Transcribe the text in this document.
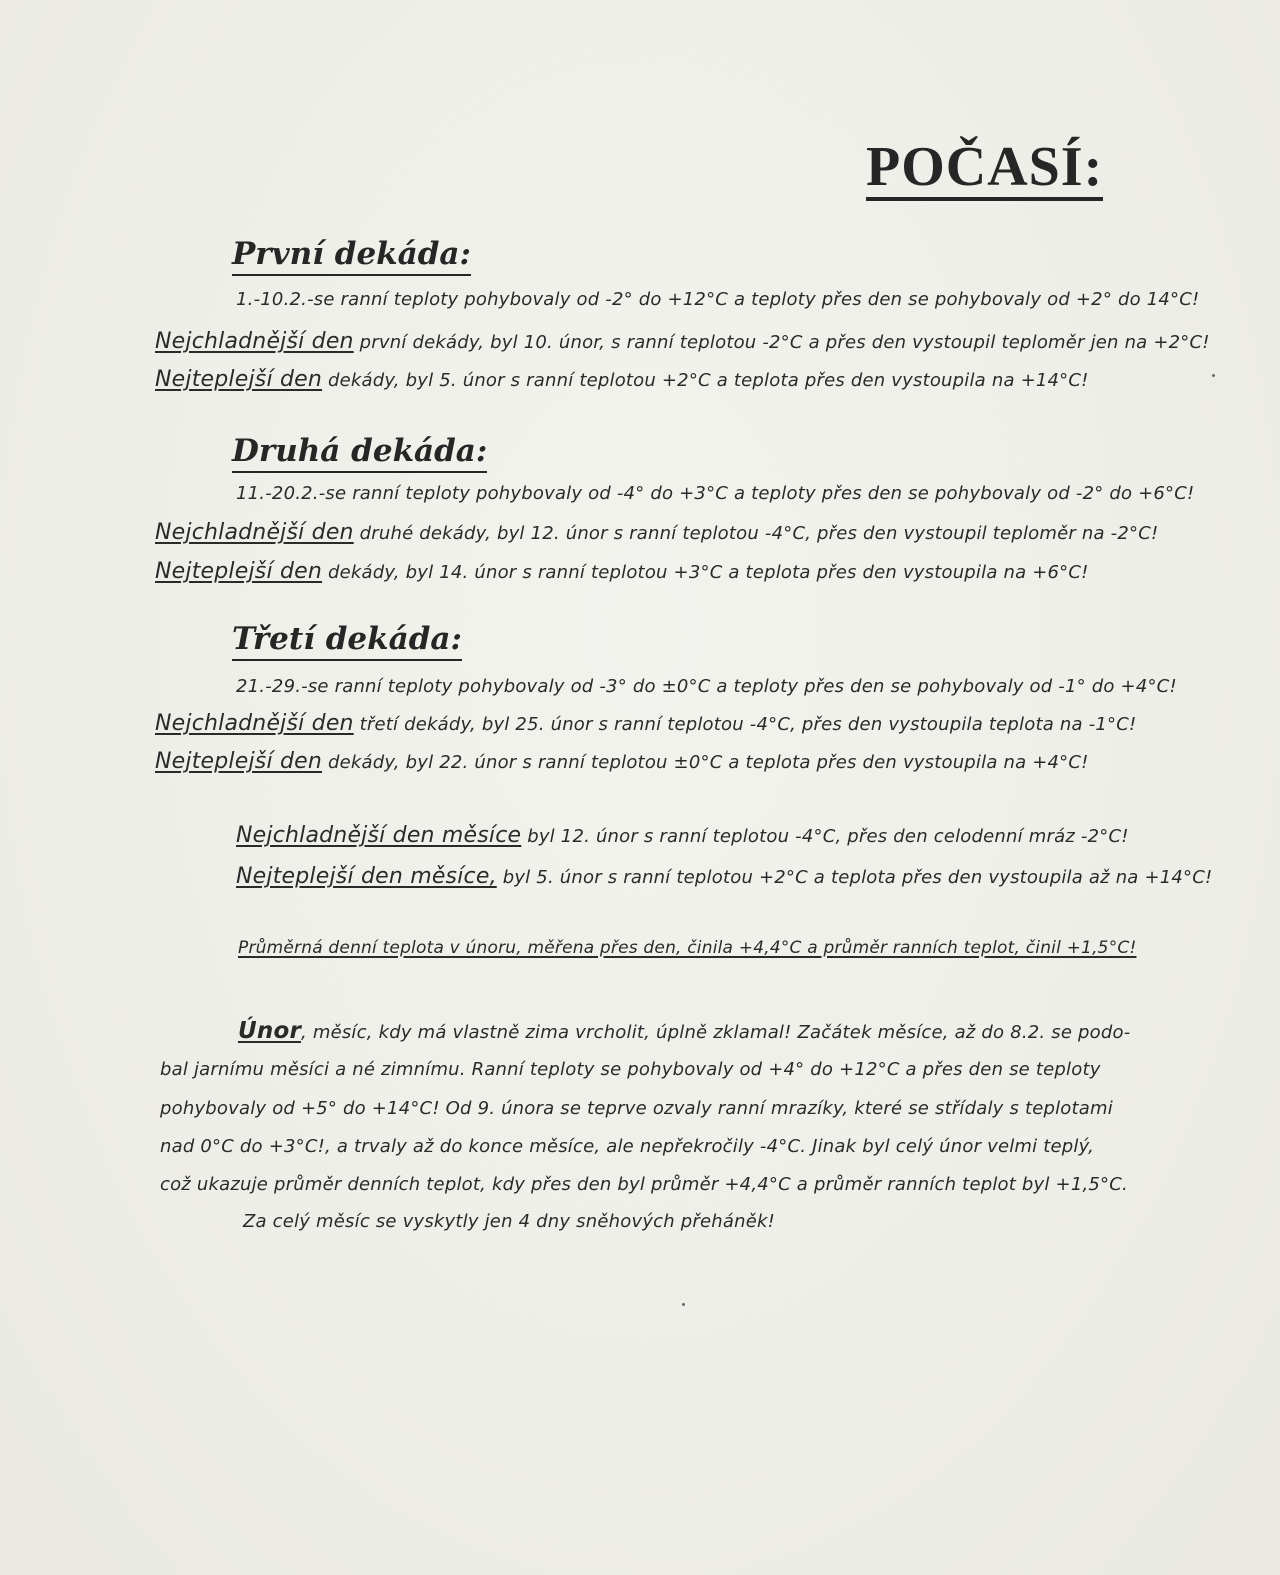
POČASÍ:
První dekáda:
1.-10.2.-se ranní teploty pohybovaly od -2° do +12°C a teploty přes den se pohybovaly od +2° do 14°C!
Nejchladnější den první dekády, byl 10. únor, s ranní teplotou -2°C a přes den vystoupil teploměr jen na +2°C!
Nejteplejší den dekády, byl 5. únor s ranní teplotou +2°C a teplota přes den vystoupila na +14°C!
Druhá dekáda:
11.-20.2.-se ranní teploty pohybovaly od -4° do +3°C a teploty přes den se pohybovaly od -2° do +6°C!
Nejchladnější den druhé dekády, byl 12. únor s ranní teplotou -4°C, přes den vystoupil teploměr na -2°C!
Nejteplejší den dekády, byl 14. únor s ranní teplotou +3°C a teplota přes den vystoupila na +6°C!
Třetí dekáda:
21.-29.-se ranní teploty pohybovaly od -3° do ±0°C a teploty přes den se pohybovaly od -1° do +4°C!
Nejchladnější den třetí dekády, byl 25. únor s ranní teplotou -4°C, přes den vystoupila teplota na -1°C!
Nejteplejší den dekády, byl 22. únor s ranní teplotou ±0°C a teplota přes den vystoupila na +4°C!
Nejchladnější den měsíce byl 12. únor s ranní teplotou -4°C, přes den celodenní mráz -2°C!
Nejteplejší den měsíce, byl 5. únor s ranní teplotou +2°C a teplota přes den vystoupila až na +14°C!
Průměrná denní teplota v únoru, měřena přes den, činila +4,4°C a průměr ranních teplot, činil +1,5°C!
Únor, měsíc, kdy má vlastně zima vrcholit, úplně zklamal! Začátek měsíce, až do 8.2. se podo-
bal jarnímu měsíci a né zimnímu. Ranní teploty se pohybovaly od +4° do +12°C a přes den se teploty
pohybovaly od +5° do +14°C! Od 9. února se teprve ozvaly ranní mrazíky, které se střídaly s teplotami
nad 0°C do +3°C!, a trvaly až do konce měsíce, ale nepřekročily -4°C. Jinak byl celý únor velmi teplý,
což ukazuje průměr denních teplot, kdy přes den byl průměr +4,4°C a průměr ranních teplot byl +1,5°C.
Za celý měsíc se vyskytly jen 4 dny sněhových přeháněk!
